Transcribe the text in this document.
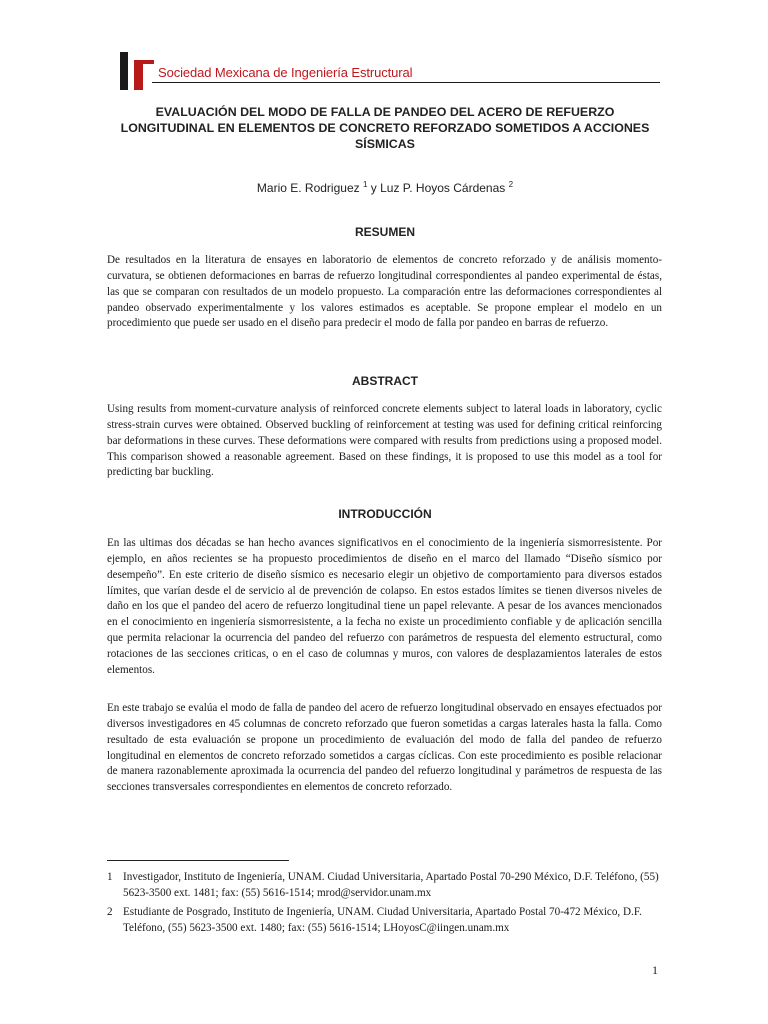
Sociedad Mexicana de Ingeniería Estructural
EVALUACIÓN DEL MODO DE FALLA DE PANDEO DEL ACERO DE REFUERZO LONGITUDINAL EN ELEMENTOS DE CONCRETO REFORZADO SOMETIDOS A ACCIONES SÍSMICAS
Mario E. Rodriguez $^1$ y Luz P. Hoyos Cárdenas $^2$
RESUMEN
De resultados en la literatura de ensayes en laboratorio de elementos de concreto reforzado y de análisis momento-curvatura, se obtienen deformaciones en barras de refuerzo longitudinal correspondientes al pandeo experimental de éstas, las que se comparan con resultados de un modelo propuesto. La comparación entre las deformaciones correspondientes al pandeo observado experimentalmente y los valores estimados es aceptable. Se propone emplear el modelo en un procedimiento que puede ser usado en el diseño para predecir el modo de falla por pandeo en barras de refuerzo.
ABSTRACT
Using results from moment-curvature analysis of reinforced concrete elements subject to lateral loads in laboratory, cyclic stress-strain curves were obtained. Observed buckling of reinforcement at testing was used for defining critical reinforcing bar deformations in these curves. These deformations were compared with results from predictions using a proposed model. This comparison showed a reasonable agreement. Based on these findings, it is proposed to use this model as a tool for predicting bar buckling.
INTRODUCCIÓN
En las ultimas dos décadas se han hecho avances significativos en el conocimiento de la ingeniería sismorresistente. Por ejemplo, en años recientes se ha propuesto procedimientos de diseño en el marco del llamado “Diseño sísmico por desempeño”. En este criterio de diseño sísmico es necesario elegir un objetivo de comportamiento para diversos estados límites, que varían desde el de servicio al de prevención de colapso. En estos estados límites se tienen diversos niveles de daño en los que el pandeo del acero de refuerzo longitudinal tiene un papel relevante. A pesar de los avances mencionados en el conocimiento en ingeniería sismorresistente, a la fecha no existe un procedimiento confiable y de aplicación sencilla que permita relacionar la ocurrencia del pandeo del refuerzo con parámetros de respuesta del elemento estructural, como rotaciones de las secciones criticas, o en el caso de columnas y muros, con valores de desplazamientos laterales de estos elementos.
En este trabajo se evalúa el modo de falla de pandeo del acero de refuerzo longitudinal observado en ensayes efectuados por diversos investigadores en 45 columnas de concreto reforzado que fueron sometidas a cargas laterales hasta la falla. Como resultado de esta evaluación se propone un procedimiento de evaluación del modo de falla del pandeo de refuerzo longitudinal en elementos de concreto reforzado sometidos a cargas cíclicas. Con este procedimiento es posible relacionar de manera razonablemente aproximada la ocurrencia del pandeo del refuerzo longitudinal y parámetros de respuesta de las secciones transversales correspondientes en elementos de concreto reforzado.
1 Investigador, Instituto de Ingeniería, UNAM. Ciudad Universitaria, Apartado Postal 70-290 México, D.F. Teléfono, (55) 5623-3500 ext. 1481; fax: (55) 5616-1514; mrod@servidor.unam.mx
2 Estudiante de Posgrado, Instituto de Ingeniería, UNAM. Ciudad Universitaria, Apartado Postal 70-472 México, D.F. Teléfono, (55) 5623-3500 ext. 1480; fax: (55) 5616-1514; LHoyosC@iingen.unam.mx
1
